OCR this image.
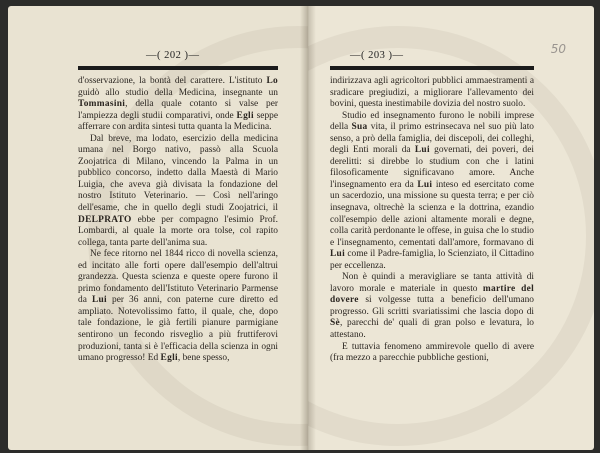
—( 202 )—

d'osservazione, la bontà del carattere. L'istituto Lo guidò allo studio della Medicina, insegnante un Tommasini, della quale cotanto si valse per l'ampiezza degli studii comparativi, onde Egli seppe afferrare con ardita sintesi tutta quanta la Medicina.

Dal breve, ma lodato, esercizio della medicina umana nel Borgo nativo, passò alla Scuola Zoojatrica di Milano, vincendo la Palma in un pubblico concorso, indetto dalla Maestà di Mario Luigia, che aveva già divisata la fondazione del nostro Istituto Veterinario. — Così nell'aringo dell'esame, che in quello degli studi Zoojatrici, il DELPRATO ebbe per compagno l'esimio Prof. Lombardi, al quale la morte ora tolse, col rapito collega, tanta parte dell'anima sua.

Ne fece ritorno nel 1844 ricco di novella scienza, ed incitato alle forti opere dall'esempio dell'altrui grandezza. Questa scienza e queste opere furono il primo fondamento dell'Istituto Veterinario Parmense da Lui per 36 anni, con paterne cure diretto ed ampliato. Notevolissimo fatto, il quale, che, dopo tale fondazione, le già fertili pianure parmigiane sentirono un fecondo risveglio a più fruttiferovi produzioni, tanta si è l'efficacia della scienza in ogni umano progresso! Ed Egli, bene spesso,

50
—( 203 )—

indirizzava agli agricoltori pubblici ammaestramenti a sradicare pregiudizi, a migliorare l'allevamento dei bovini, questa inestimabile dovizia del nostro suolo.

Studio ed insegnamento furono le nobili imprese della Sua vita, il primo estrinsecava nel suo più lato senso, a prò della famiglia, dei discepoli, dei colleghi, degli Enti morali da Lui governati, dei poveri, dei derelitti: si direbbe lo studium con che i latini filosoficamente significavano amore. Anche l'insegnamento era da Lui inteso ed esercitato come un sacerdozio, una missione su questa terra; e per ciò insegnava, oltrechè la scienza e la dottrina, ezandio coll'esempio delle azioni altamente morali e degne, colla carità perdonante le offese, in guisa che lo studio e l'insegnamento, cementati dall'amore, formavano di Lui come il Padre-famiglia, lo Scienziato, il Cittadino per eccellenza.

Non è quindi a meravigliare se tanta attività di lavoro morale e materiale in questo martire del dovere si volgesse tutta a beneficio dell'umano progresso. Gli scritti svariatissimi che lascia dopo di Sè, parecchi de' quali di gran polso e levatura, lo attestano.

E tuttavia fenomeno ammirevole quello di avere (fra mezzo a parecchie pubbliche gestioni,
